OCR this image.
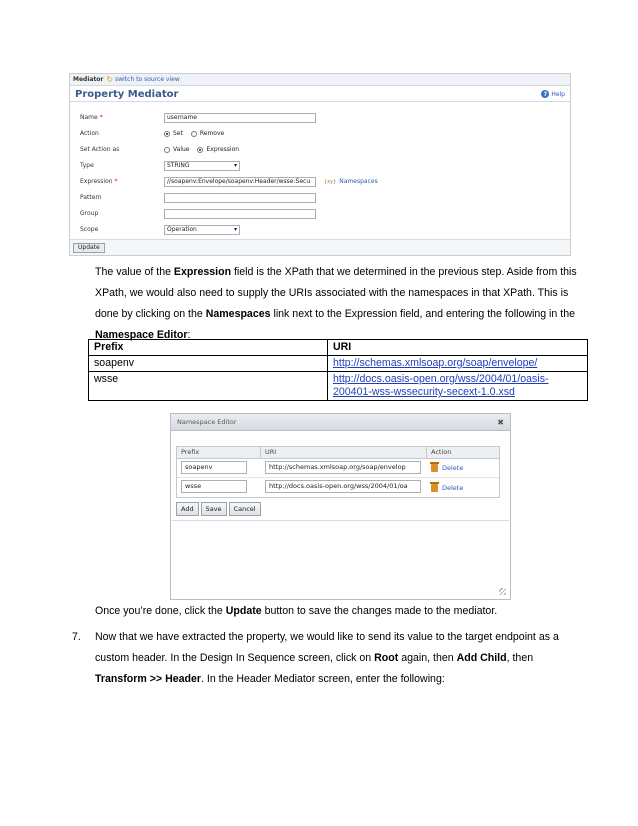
Mediator ↻ switch to source view
Property Mediator	? Help
Name *	username
Action	Set	Remove
Set Action as	Value	Expression
Type	STRING	▾
Expression *	//soapenv:Envelope/soapenv:Header/wsse:Secu	{xy} Namespaces
Pattern
Group
Scope	Operation	▾
Update

The value of the Expression field is the XPath that we determined in the previous step. Aside from this XPath, we would also need to supply the URIs associated with the namespaces in that XPath. This is done by clicking on the Namespaces link next to the Expression field, and entering the following in the Namespace Editor:

Prefix	URI
soapenv	http://schemas.xmlsoap.org/soap/envelope/
wsse	http://docs.oasis-open.org/wss/2004/01/oasis-200401-wss-wssecurity-secext-1.0.xsd
Namespace Editor	✖
Prefix	URI	Action
soapenv	http://schemas.xmlsoap.org/soap/envelop	Delete
wsse	http://docs.oasis-open.org/wss/2004/01/oa	Delete
Add	Save	Cancel

Once you’re done, click the Update button to save the changes made to the mediator.

7. Now that we have extracted the property, we would like to send its value to the target endpoint as a custom header. In the Design In Sequence screen, click on Root again, then Add Child, then Transform >> Header. In the Header Mediator screen, enter the following:
